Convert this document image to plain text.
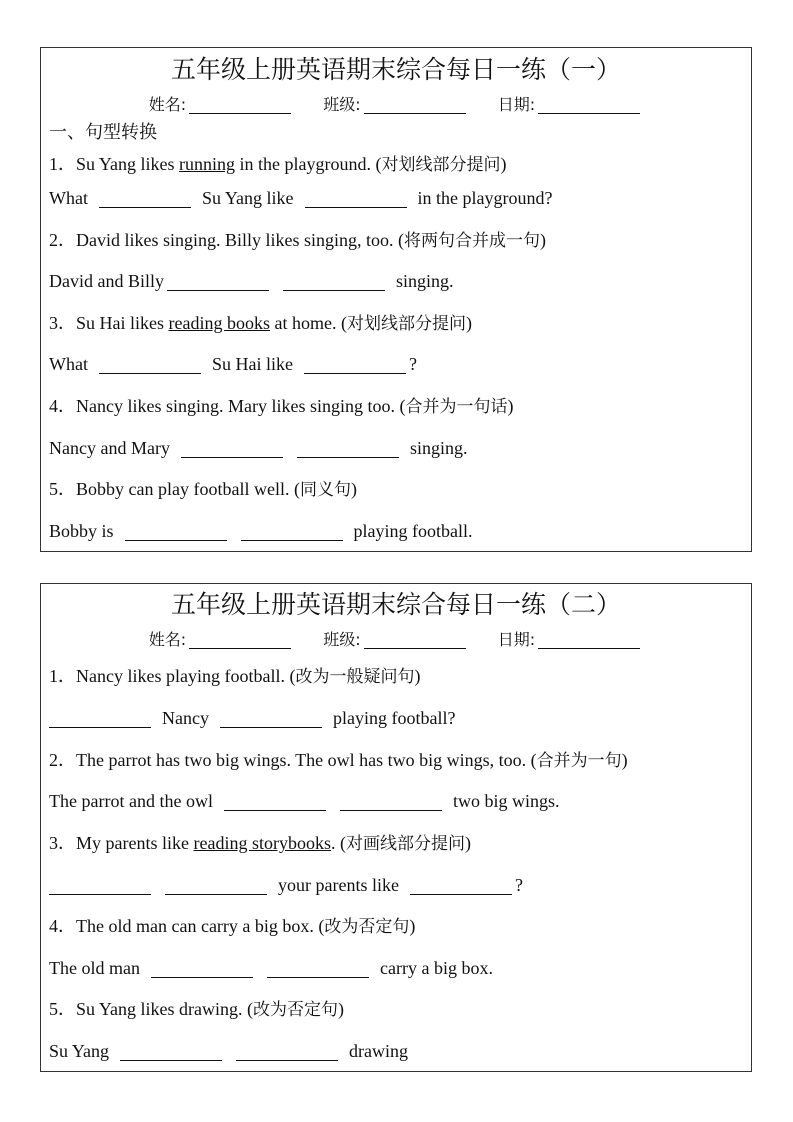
五年级上册英语期末综合每日一练（一）
姓名:	班级:	日期:
一、句型转换
1．Su Yang likes running in the playground. (对划线部分提问)
What	Su Yang like	in the playground?
2．David likes singing. Billy likes singing, too. (将两句合并成一句)
David and Billy	singing.
3．Su Hai likes reading books at home. (对划线部分提问)
What	Su Hai like	?
4．Nancy likes singing. Mary likes singing too. (合并为一句话)
Nancy and Mary	singing.
5．Bobby can play football well. (同义句)
Bobby is	playing football.
五年级上册英语期末综合每日一练（二）
姓名:	班级:	日期:
1．Nancy likes playing football. (改为一般疑问句)
Nancy	playing football?
2．The parrot has two big wings. The owl has two big wings, too. (合并为一句)
The parrot and the owl	two big wings.
3．My parents like reading storybooks. (对画线部分提问)
your parents like	?
4．The old man can carry a big box. (改为否定句)
The old man	carry a big box.
5．Su Yang likes drawing. (改为否定句)
Su Yang	drawing
